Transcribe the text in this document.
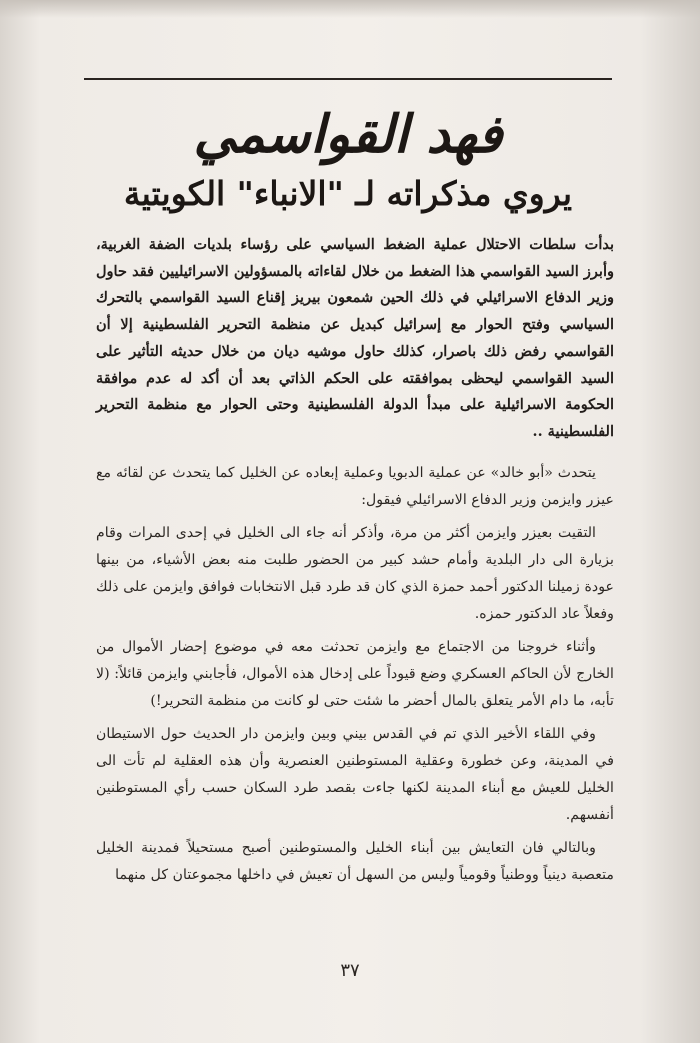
فهد القواسمي
يروي مذكراته لـ "الانباء" الكويتية
بدأت سلطات الاحتلال عملية الضغط السياسي على رؤساء بلديات الضفة الغربية، وأبرز السيد القواسمي هذا الضغط من خلال لقاءاته بالمسؤولين الاسرائيليين فقد حاول وزير الدفاع الاسرائيلي في ذلك الحين شمعون بيريز إقناع السيد القواسمي بالتحرك السياسي وفتح الحوار مع إسرائيل كبديل عن منظمة التحرير الفلسطينية إلا أن القواسمي رفض ذلك باصرار، كذلك حاول موشيه ديان من خلال حديثه التأثير على السيد القواسمي ليحظى بموافقته على الحكم الذاتي بعد أن أكد له عدم موافقة الحكومة الاسرائيلية على مبدأ الدولة الفلسطينية وحتى الحوار مع منظمة التحرير الفلسطينية ..

يتحدث «أبو خالد» عن عملية الدبويا وعملية إبعاده عن الخليل كما يتحدث عن لقائه مع عيزر وايزمن وزير الدفاع الاسرائيلي فيقول:

التقيت بعيزر وايزمن أكثر من مرة، وأذكر أنه جاء الى الخليل في إحدى المرات وقام بزيارة الى دار البلدية وأمام حشد كبير من الحضور طلبت منه بعض الأشياء، من بينها عودة زميلنا الدكتور أحمد حمزة الذي كان قد طرد قبل الانتخابات فوافق وايزمن على ذلك وفعلاً عاد الدكتور حمزه.

وأثناء خروجنا من الاجتماع مع وايزمن تحدثت معه في موضوع إحضار الأموال من الخارج لأن الحاكم العسكري وضع قيوداً على إدخال هذه الأموال، فأجابني وايزمن قائلاً: (لا تأبه، ما دام الأمر يتعلق بالمال أحضر ما شئت حتى لو كانت من منظمة التحرير!)

وفي اللقاء الأخير الذي تم في القدس بيني وبين وايزمن دار الحديث حول الاستيطان في المدينة، وعن خطورة وعقلية المستوطنين العنصرية وأن هذه العقلية لم تأت الى الخليل للعيش مع أبناء المدينة لكنها جاءت بقصد طرد السكان حسب رأي المستوطنين أنفسهم.

وبالتالي فان التعايش بين أبناء الخليل والمستوطنين أصبح مستحيلاً فمدينة الخليل متعصبة دينياً ووطنياً وقومياً وليس من السهل أن تعيش في داخلها مجموعتان كل منهما

٣٧
